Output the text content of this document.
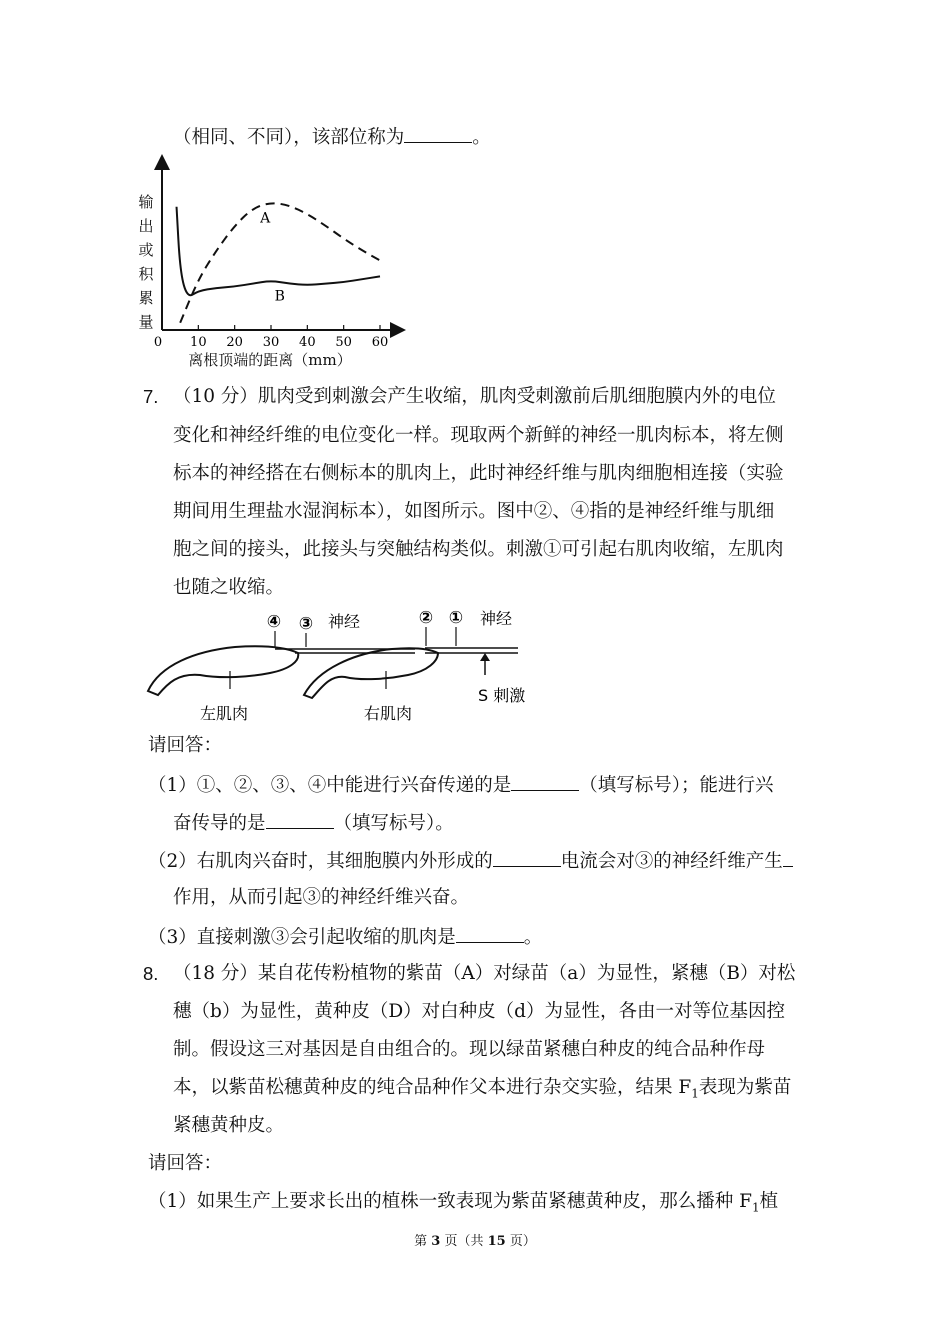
（相同、不同），该部位称为	。
输出或积累量
0 10 20 30 40 50 60
A
B
离根顶端的距离（mm）
7. （10 分）肌肉受到刺激会产生收缩，肌肉受刺激前后肌细胞膜内外的电位
变化和神经纤维的电位变化一样。现取两个新鲜的神经一肌肉标本，将左侧
标本的神经搭在右侧标本的肌肉上，此时神经纤维与肌肉细胞相连接（实验
期间用生理盐水湿润标本），如图所示。图中②、④指的是神经纤维与肌细
胞之间的接头，此接头与突触结构类似。刺激①可引起右肌肉收缩，左肌肉
也随之收缩。
④ ③	② ①
神经	神经
左肌肉	右肌肉
S 刺激
请回答：
（1）①、②、③、④中能进行兴奋传递的是	（填写标号）；能进行兴
奋传导的是	（填写标号）。
（2）右肌肉兴奋时，其细胞膜内外形成的	电流会对③的神经纤维产生
作用，从而引起③的神经纤维兴奋。
（3）直接刺激③会引起收缩的肌肉是	。
8. （18 分）某自花传粉植物的紫苗（A）对绿苗（a）为显性，紧穗（B）对松
穗（b）为显性，黄种皮（D）对白种皮（d）为显性，各由一对等位基因控
制。假设这三对基因是自由组合的。现以绿苗紧穗白种皮的纯合品种作母
本，以紫苗松穗黄种皮的纯合品种作父本进行杂交实验，结果 $F_1$表现为紫苗
紧穗黄种皮。
请回答：
（1）如果生产上要求长出的植株一致表现为紫苗紧穗黄种皮，那么播种 $F_1$植
第 3 页（共 15 页）
